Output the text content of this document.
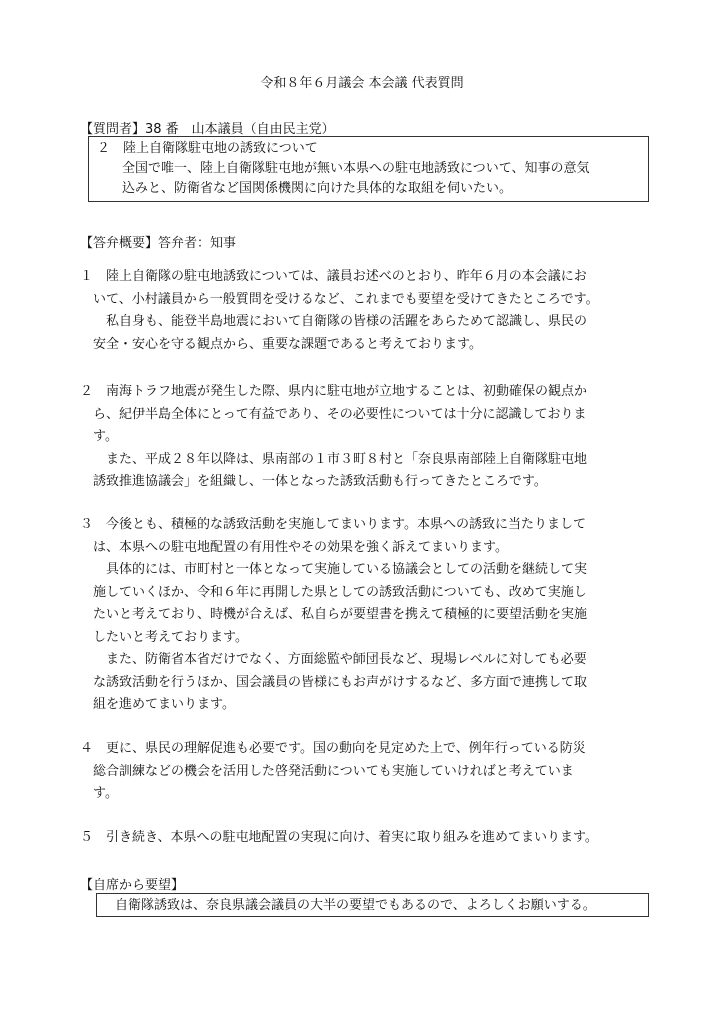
令和８年６月議会 本会議 代表質問
【質問者】38 番　山本議員（自由民主党）
２　陸上自衛隊駐屯地の誘致について
全国で唯一、陸上自衛隊駐屯地が無い本県への駐屯地誘致について、知事の意気
込みと、防衛省など国関係機関に向けた具体的な取組を伺いたい。
【答弁概要】答弁者：知事
１　陸上自衛隊の駐屯地誘致については、議員お述べのとおり、昨年６月の本会議にお
　いて、小村議員から一般質問を受けるなど、これまでも要望を受けてきたところです。
　　私自身も、能登半島地震において自衛隊の皆様の活躍をあらためて認識し、県民の
　安全・安心を守る観点から、重要な課題であると考えております。
２　南海トラフ地震が発生した際、県内に駐屯地が立地することは、初動確保の観点か
　ら、紀伊半島全体にとって有益であり、その必要性については十分に認識しておりま
　す。
　　また、平成２８年以降は、県南部の１市３町８村と「奈良県南部陸上自衛隊駐屯地
　誘致推進協議会」を組織し、一体となった誘致活動も行ってきたところです。
３　今後とも、積極的な誘致活動を実施してまいります。本県への誘致に当たりまして
　は、本県への駐屯地配置の有用性やその効果を強く訴えてまいります。
　　具体的には、市町村と一体となって実施している協議会としての活動を継続して実
　施していくほか、令和６年に再開した県としての誘致活動についても、改めて実施し
　たいと考えており、時機が合えば、私自らが要望書を携えて積極的に要望活動を実施
　したいと考えております。
　　また、防衛省本省だけでなく、方面総監や師団長など、現場レベルに対しても必要
　な誘致活動を行うほか、国会議員の皆様にもお声がけするなど、多方面で連携して取
　組を進めてまいります。
４　更に、県民の理解促進も必要です。国の動向を見定めた上で、例年行っている防災
　総合訓練などの機会を活用した啓発活動についても実施していければと考えていま
　す。
５　引き続き、本県への駐屯地配置の実現に向け、着実に取り組みを進めてまいります。
【自席から要望】
自衛隊誘致は、奈良県議会議員の大半の要望でもあるので、よろしくお願いする。
